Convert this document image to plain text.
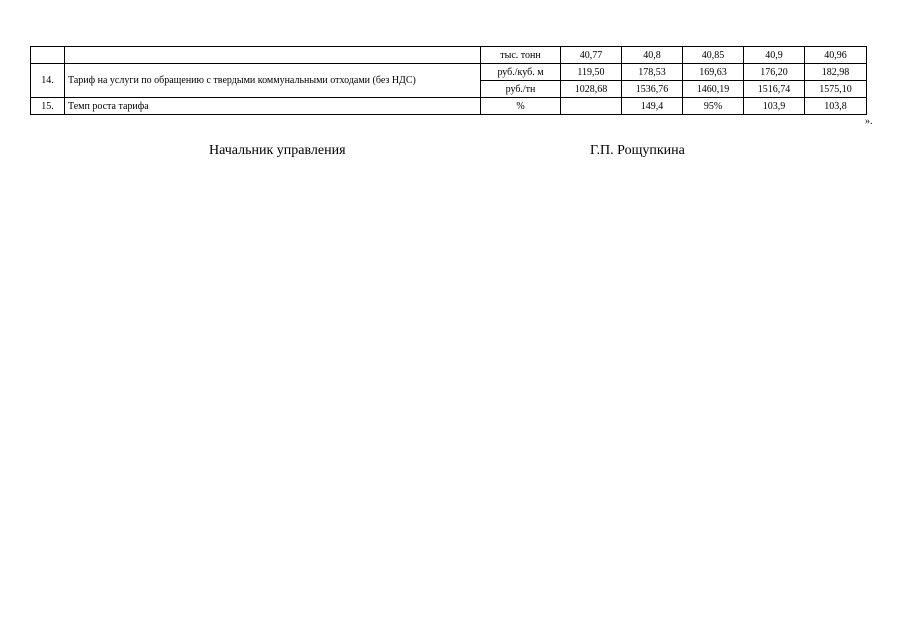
		тыс. тонн	40,77	40,8	40,85	40,9	40,96
14.	Тариф на услуги по обращению с твердыми коммунальными отходами (без НДС)	руб./куб. м	119,50	178,53	169,63	176,20	182,98
		руб./тн	1028,68	1536,76	1460,19	1516,74	1575,10
15.	Темп роста тарифа	%		149,4	95%	103,9	103,8
».
Начальник управления	Г.П. Рощупкина
